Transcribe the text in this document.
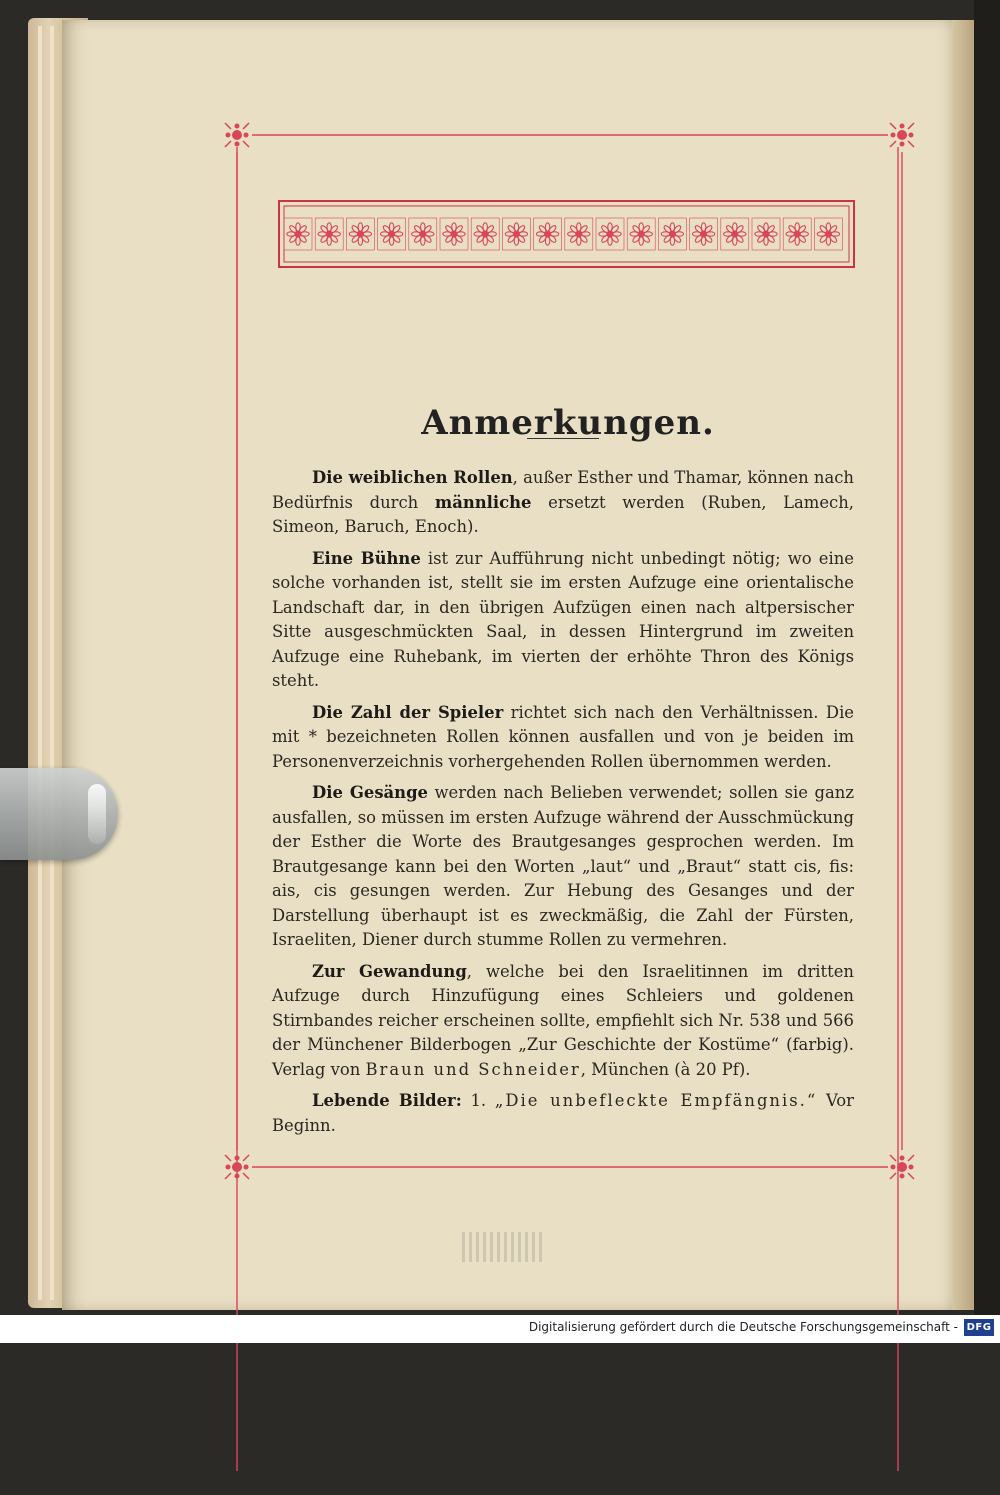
Anmerkungen.

Die weiblichen Rollen, außer Esther und Thamar, können nach Bedürfnis durch männliche ersetzt werden (Ruben, Lamech, Simeon, Baruch, Enoch).

Eine Bühne ist zur Aufführung nicht unbedingt nötig; wo eine solche vorhanden ist, stellt sie im ersten Aufzuge eine orientalische Landschaft dar, in den übrigen Aufzügen einen nach altpersischer Sitte ausgeschmückten Saal, in dessen Hintergrund im zweiten Aufzuge eine Ruhebank, im vierten der erhöhte Thron des Königs steht.

Die Zahl der Spieler richtet sich nach den Verhältnissen. Die mit * bezeichneten Rollen können ausfallen und von je beiden im Personenverzeichnis vorhergehenden Rollen übernommen werden.

Die Gesänge werden nach Belieben verwendet; sollen sie ganz ausfallen, so müssen im ersten Aufzuge während der Ausschmückung der Esther die Worte des Brautgesanges gesprochen werden. Im Brautgesange kann bei den Worten „laut“ und „Braut“ statt cis, fis: ais, cis gesungen werden. Zur Hebung des Gesanges und der Darstellung überhaupt ist es zweckmäßig, die Zahl der Fürsten, Israeliten, Diener durch stumme Rollen zu vermehren.

Zur Gewandung, welche bei den Israelitinnen im dritten Aufzuge durch Hinzufügung eines Schleiers und goldenen Stirnbandes reicher erscheinen sollte, empfiehlt sich Nr. 538 und 566 der Münchener Bilderbogen „Zur Geschichte der Kostüme“ (farbig). Verlag von Braun und Schneider, München (à 20 Pf).

Lebende Bilder: 1. „Die unbefleckte Empfängnis.“ Vor Beginn.

Digitalisierung gefördert durch die Deutsche Forschungsgemeinschaft - DFG
